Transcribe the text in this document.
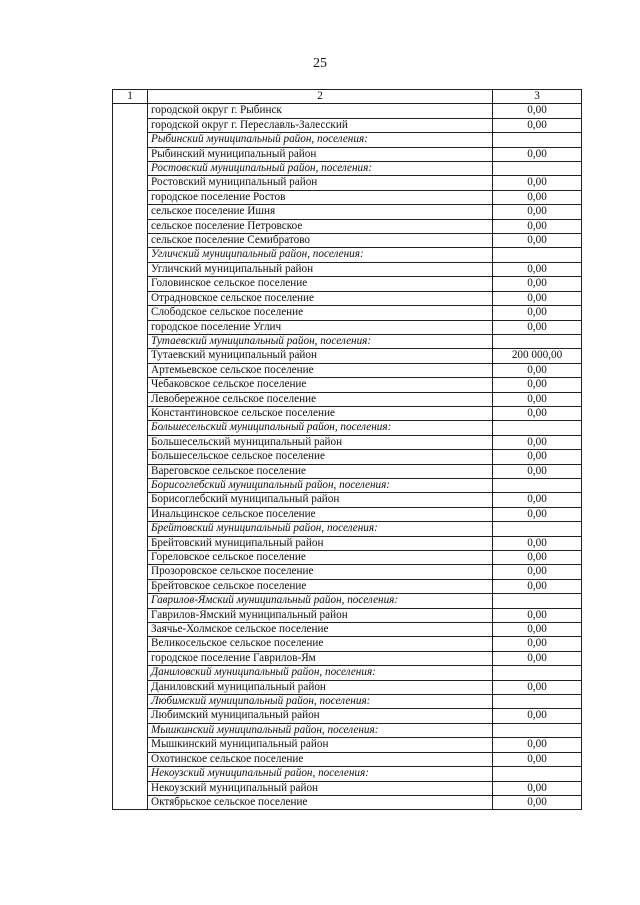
25
1	2	3
	городской округ г. Рыбинск	0,00
	городской округ г. Переславль-Залесский	0,00
	Рыбинский муниципальный район, поселения:	
	Рыбинский муниципальный район	0,00
	Ростовский муниципальный район, поселения:	
	Ростовский муниципальный район	0,00
	городское поселение Ростов	0,00
	сельское поселение Ишня	0,00
	сельское поселение Петровское	0,00
	сельское поселение Семибратово	0,00
	Угличский муниципальный район, поселения:	
	Угличский муниципальный район	0,00
	Головинское сельское поселение	0,00
	Отрадновское сельское поселение	0,00
	Слободское сельское поселение	0,00
	городское поселение Углич	0,00
	Тутаевский муниципальный район, поселения:	
	Тутаевский муниципальный район	200 000,00
	Артемьевское сельское поселение	0,00
	Чебаковское сельское поселение	0,00
	Левобережное сельское поселение	0,00
	Константиновское сельское поселение	0,00
	Большесельский муниципальный район, поселения:	
	Большесельский муниципальный район	0,00
	Большесельское сельское поселение	0,00
	Вареговское сельское поселение	0,00
	Борисоглебский муниципальный район, поселения:	
	Борисоглебский муниципальный район	0,00
	Инальцинское сельское поселение	0,00
	Брейтовский муниципальный район, поселения:	
	Брейтовский муниципальный район	0,00
	Гореловское сельское поселение	0,00
	Прозоровское сельское поселение	0,00
	Брейтовское сельское поселение	0,00
	Гаврилов-Ямский муниципальный район, поселения:	
	Гаврилов-Ямский муниципальный район	0,00
	Заячье-Холмское сельское поселение	0,00
	Великосельское сельское поселение	0,00
	городское поселение Гаврилов-Ям	0,00
	Даниловский муниципальный район, поселения:	
	Даниловский муниципальный район	0,00
	Любимский муниципальный район, поселения:	
	Любимский муниципальный район	0,00
	Мышкинский муниципальный район, поселения:	
	Мышкинский муниципальный район	0,00
	Охотинское сельское поселение	0,00
	Некоузский муниципальный район, поселения:	
	Некоузский муниципальный район	0,00
	Октябрьское сельское поселение	0,00
